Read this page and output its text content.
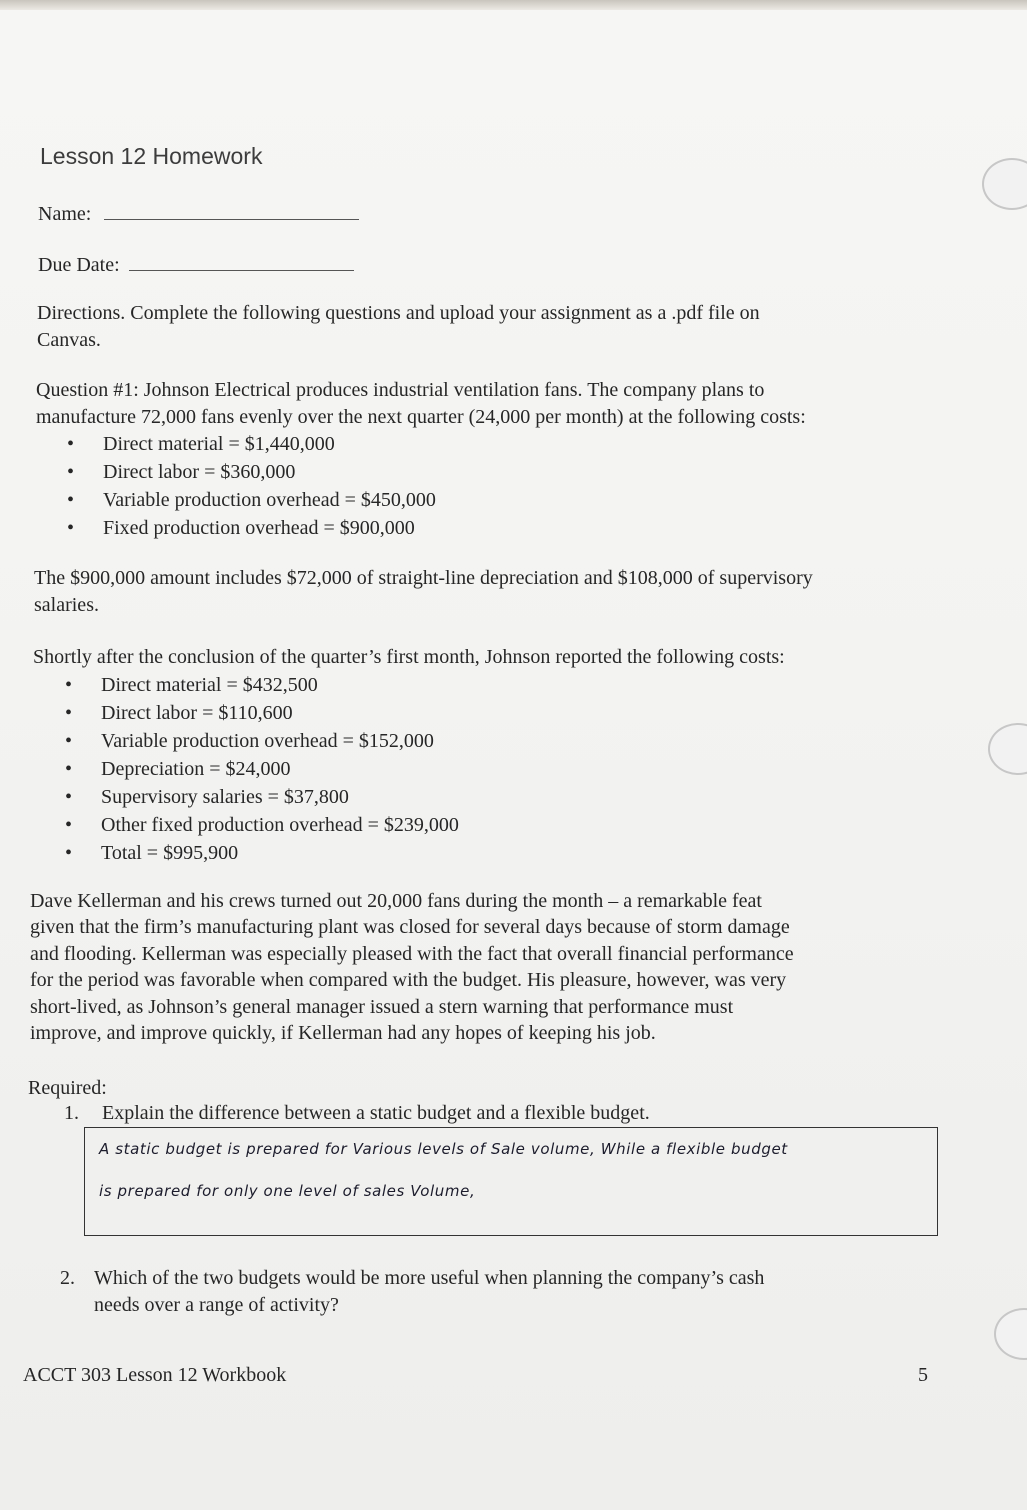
Lesson 12 Homework
Name:
Due Date:
Directions. Complete the following questions and upload your assignment as a .pdf file on
Canvas.
Question #1: Johnson Electrical produces industrial ventilation fans. The company plans to
manufacture 72,000 fans evenly over the next quarter (24,000 per month) at the following costs:
• Direct material = $1,440,000
• Direct labor = $360,000
• Variable production overhead = $450,000
• Fixed production overhead = $900,000
The $900,000 amount includes $72,000 of straight-line depreciation and $108,000 of supervisory
salaries.
Shortly after the conclusion of the quarter’s first month, Johnson reported the following costs:
• Direct material = $432,500
• Direct labor = $110,600
• Variable production overhead = $152,000
• Depreciation = $24,000
• Supervisory salaries = $37,800
• Other fixed production overhead = $239,000
• Total = $995,900
Dave Kellerman and his crews turned out 20,000 fans during the month – a remarkable feat
given that the firm’s manufacturing plant was closed for several days because of storm damage
and flooding. Kellerman was especially pleased with the fact that overall financial performance
for the period was favorable when compared with the budget. His pleasure, however, was very
short-lived, as Johnson’s general manager issued a stern warning that performance must
improve, and improve quickly, if Kellerman had any hopes of keeping his job.
Required:
1. Explain the difference between a static budget and a flexible budget.
A static budget is prepared for Various levels of Sale volume, While a flexible budget
is prepared for only one level of sales Volume,
2. Which of the two budgets would be more useful when planning the company’s cash
needs over a range of activity?
ACCT 303 Lesson 12 Workbook	5
